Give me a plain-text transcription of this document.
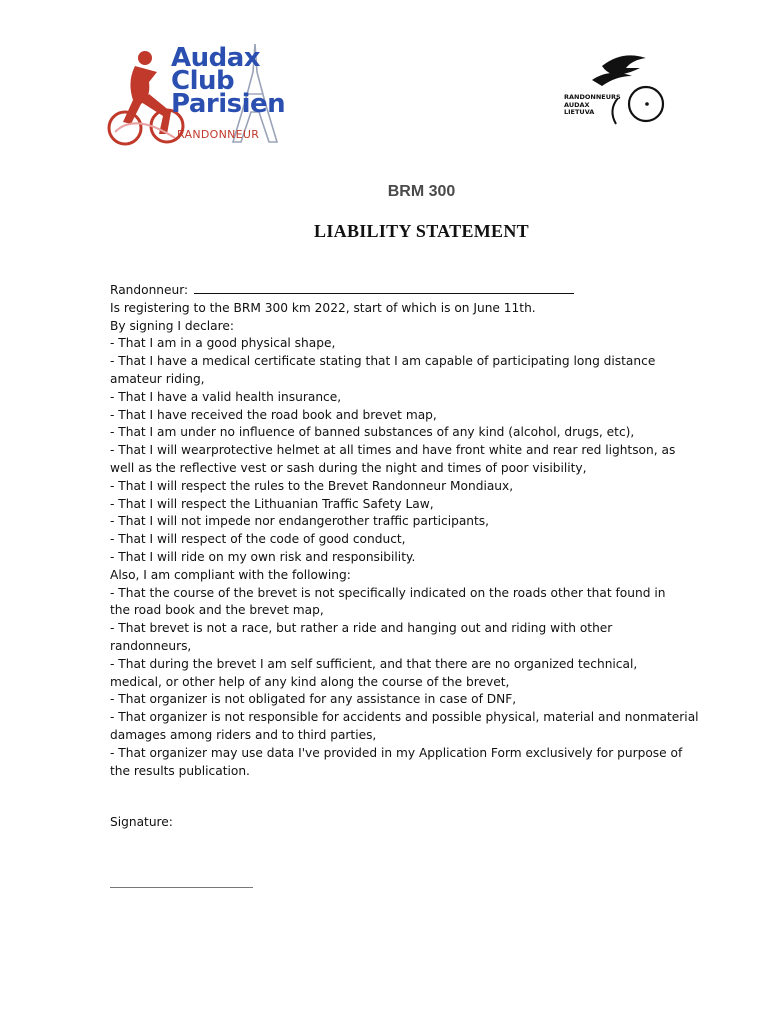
Audax
Club
Parisien
RANDONNEUR
RANDONNEURS
AUDAX
LIETUVA
BRM 300
LIABILITY STATEMENT
Randonneur:
Is registering to the BRM 300 km 2022, start of which is on June 11th.
By signing I declare:
- That I am in a good physical shape,
- That I have a medical certificate stating that I am capable of participating long distance
amateur riding,
- That I have a valid health insurance,
- That I have received the road book and brevet map,
- That I am under no influence of banned substances of any kind (alcohol, drugs, etc),
- That I will wearprotective helmet at all times and have front white and rear red lightson, as
well as the reflective vest or sash during the night and times of poor visibility,
- That I will respect the rules to the Brevet Randonneur Mondiaux,
- That I will respect the Lithuanian Traffic Safety Law,
- That I will not impede nor endangerother traffic participants,
- That I will respect of the code of good conduct,
- That I will ride on my own risk and responsibility.
Also, I am compliant with the following:
- That the course of the brevet is not specifically indicated on the roads other that found in
the road book and the brevet map,
- That brevet is not a race, but rather a ride and hanging out and riding with other
randonneurs,
- That during the brevet I am self sufficient, and that there are no organized technical,
medical, or other help of any kind along the course of the brevet,
- That organizer is not obligated for any assistance in case of DNF,
- That organizer is not responsible for accidents and possible physical, material and nonmaterial
damages among riders and to third parties,
- That organizer may use data I've provided in my Application Form exclusively for purpose of
the results publication.
Signature:
